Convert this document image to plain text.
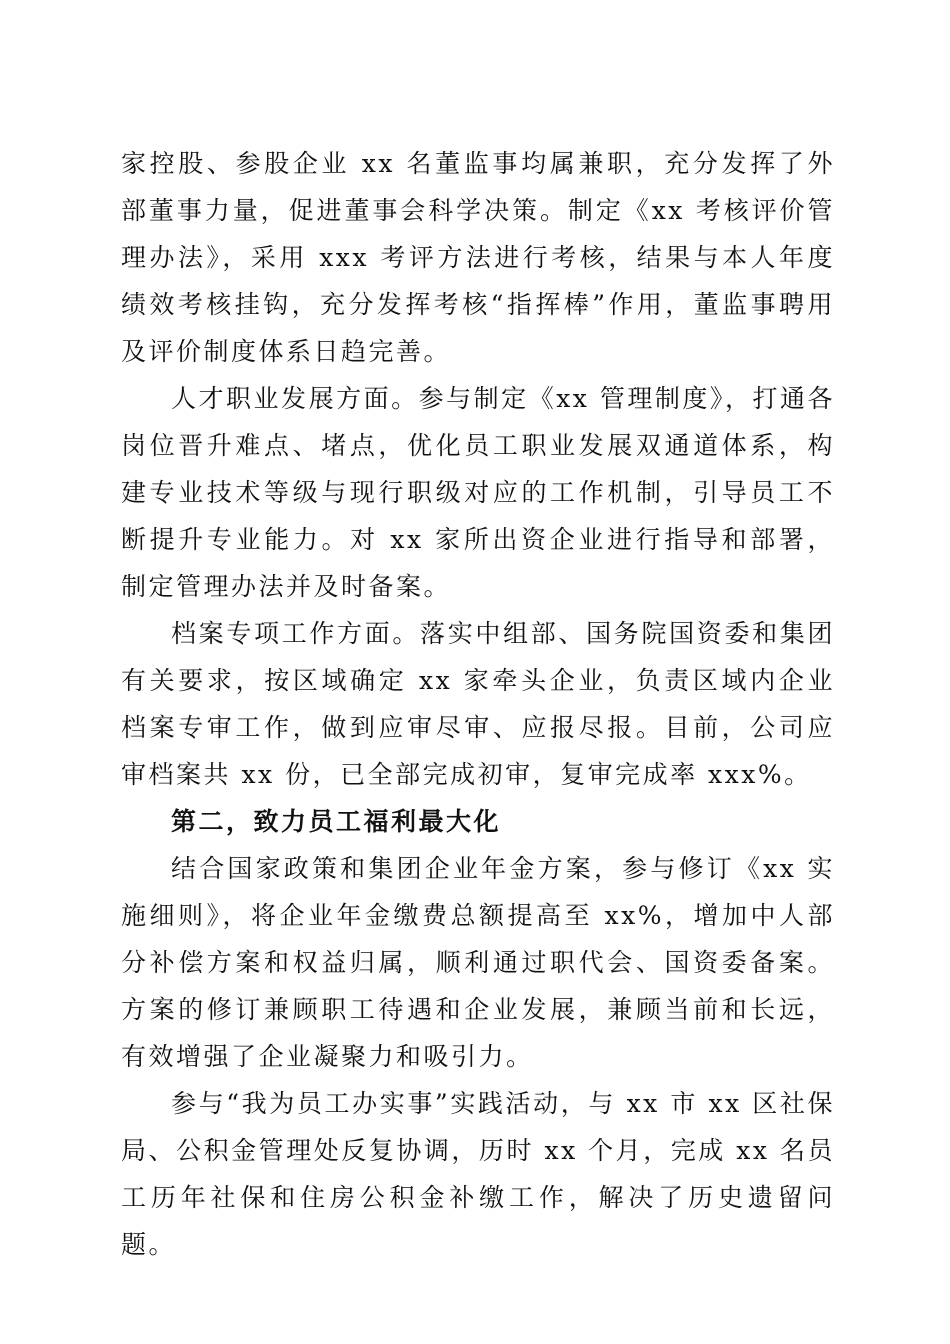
家控股、参股企业 xx 名董监事均属兼职，充分发挥了外部董事力量，促进董事会科学决策。制定《xx 考核评价管理办法》，采用 xxx 考评方法进行考核，结果与本人年度绩效考核挂钩，充分发挥考核“指挥棒”作用，董监事聘用及评价制度体系日趋完善。

人才职业发展方面。参与制定《xx 管理制度》，打通各岗位晋升难点、堵点，优化员工职业发展双通道体系，构建专业技术等级与现行职级对应的工作机制，引导员工不断提升专业能力。对 xx 家所出资企业进行指导和部署，制定管理办法并及时备案。

档案专项工作方面。落实中组部、国务院国资委和集团有关要求，按区域确定 xx 家牵头企业，负责区域内企业档案专审工作，做到应审尽审、应报尽报。目前，公司应审档案共 xx 份，已全部完成初审，复审完成率 xxx%。

第二，致力员工福利最大化

结合国家政策和集团企业年金方案，参与修订《xx 实施细则》，将企业年金缴费总额提高至 xx%，增加中人部分补偿方案和权益归属，顺利通过职代会、国资委备案。方案的修订兼顾职工待遇和企业发展，兼顾当前和长远，有效增强了企业凝聚力和吸引力。

参与“我为员工办实事”实践活动，与 xx 市 xx 区社保局、公积金管理处反复协调，历时 xx 个月，完成 xx 名员工历年社保和住房公积金补缴工作，解决了历史遗留问题。
